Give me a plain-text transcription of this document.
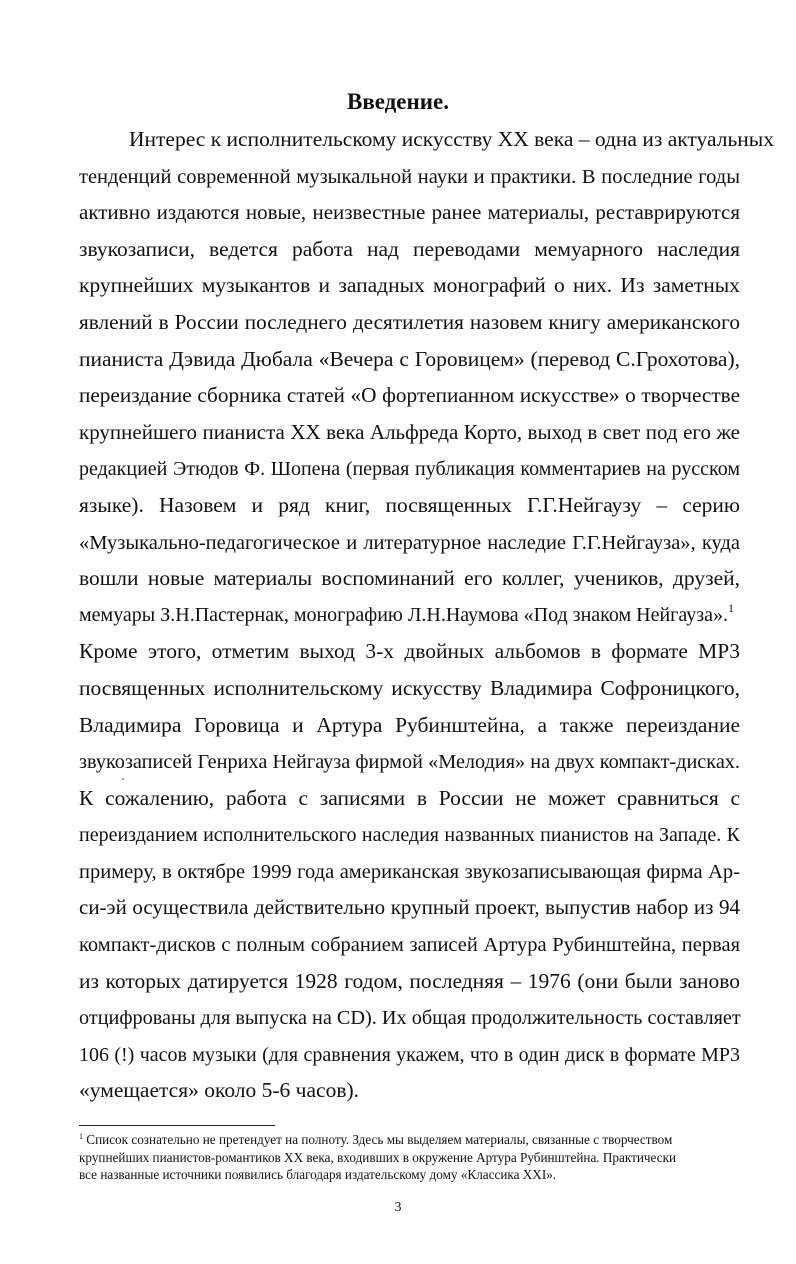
Введение.
Интерес к исполнительскому искусству XX века – одна из актуальных
тенденций современной музыкальной науки и практики. В последние годы
активно издаются новые, неизвестные ранее материалы, реставрируются
звукозаписи, ведется работа над переводами мемуарного наследия
крупнейших музыкантов и западных монографий о них. Из заметных
явлений в России последнего десятилетия назовем книгу американского
пианиста Дэвида Дюбала «Вечера с Горовицем» (перевод С.Грохотова),
переиздание сборника статей «О фортепианном искусстве» о творчестве
крупнейшего пианиста XX века Альфреда Корто, выход в свет под его же
редакцией Этюдов Ф. Шопена (первая публикация комментариев на русском
языке). Назовем и ряд книг, посвященных Г.Г.Нейгаузу – серию
«Музыкально-педагогическое и литературное наследие Г.Г.Нейгауза», куда
вошли новые материалы воспоминаний его коллег, учеников, друзей,
мемуары З.Н.Пастернак, монографию Л.Н.Наумова «Под знаком Нейгауза».$^1$
Кроме этого, отметим выход 3-х двойных альбомов в формате МР3
посвященных исполнительскому искусству Владимира Софроницкого,
Владимира Горовица и Артура Рубинштейна, а также переиздание
звукозаписей Генриха Нейгауза фирмой «Мелодия» на двух компакт-дисках.
К сожалению, работа с записями в России не может сравниться с
переизданием исполнительского наследия названных пианистов на Западе. К
примеру, в октябре 1999 года американская звукозаписывающая фирма Ар-
си-эй осуществила действительно крупный проект, выпустив набор из 94
компакт-дисков с полным собранием записей Артура Рубинштейна, первая
из которых датируется 1928 годом, последняя – 1976 (они были заново
отцифрованы для выпуска на CD). Их общая продолжительность составляет
106 (!) часов музыки (для сравнения укажем, что в один диск в формате МР3
«умещается» около 5-6 часов).
$^1$ Список сознательно не претендует на полноту. Здесь мы выделяем материалы, связанные с творчеством
крупнейших пианистов-романтиков XX века, входивших в окружение Артура Рубинштейна. Практически
все названные источники появились благодаря издательскому дому «Классика XXI».
3
